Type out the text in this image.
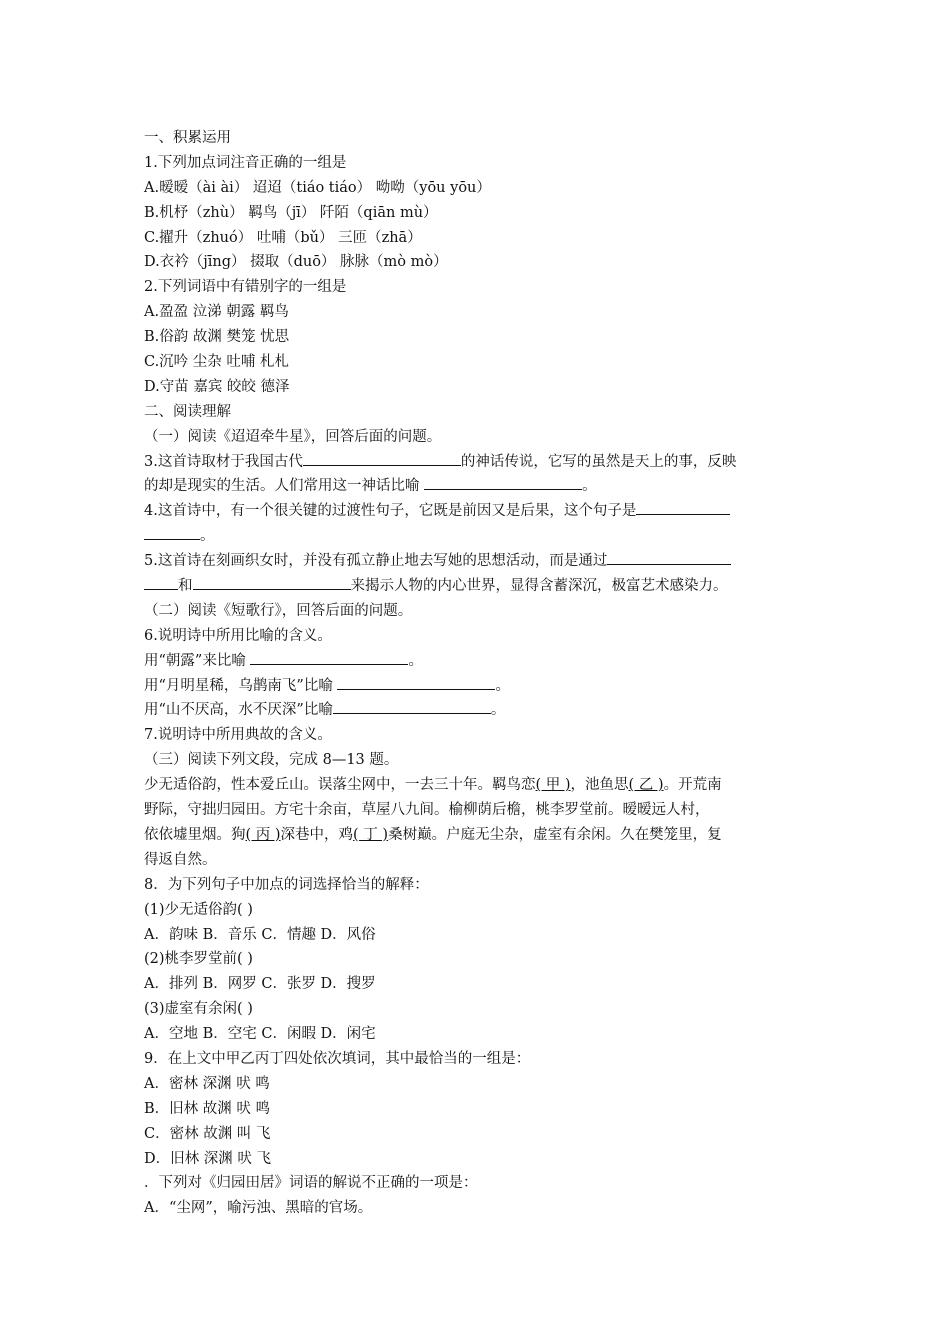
一、积累运用
1.下列加点词注音正确的一组是
A.暧暧（ài ài） 迢迢（tiáo tiáo） 呦呦（yōu yōu）
B.机杼（zhù） 羁鸟（jī） 阡陌（qiān mù）
C.擢升（zhuó） 吐哺（bǔ） 三匝（zhā）
D.衣衿（jīng） 掇取（duō） 脉脉（mò mò）
2.下列词语中有错别字的一组是
A.盈盈 泣涕 朝露 羁鸟
B.俗韵 故渊 樊笼 忧思
C.沉吟 尘杂 吐哺 札札
D.守苗 嘉宾 皎皎 德泽
二、阅读理解
（一）阅读《迢迢牵牛星》，回答后面的问题。
3.这首诗取材于我国古代	的神话传说，它写的虽然是天上的事，反映
的却是现实的生活。人们常用这一神话比喻	。
4.这首诗中，有一个很关键的过渡性句子，它既是前因又是后果，这个句子是
。
5.这首诗在刻画织女时，并没有孤立静止地去写她的思想活动，而是通过
和	来揭示人物的内心世界，显得含蓄深沉，极富艺术感染力。
（二）阅读《短歌行》，回答后面的问题。
6.说明诗中所用比喻的含义。
用“朝露”来比喻	。
用“月明星稀，乌鹊南飞”比喻	。
用“山不厌高，水不厌深”比喻	。
7.说明诗中所用典故的含义。
（三）阅读下列文段，完成 8—13 题。
少无适俗韵，性本爱丘山。误落尘网中，一去三十年。羁鸟恋( 甲 )，池鱼思( 乙 )。开荒南
野际，守拙归园田。方宅十余亩，草屋八九间。榆柳荫后檐，桃李罗堂前。暧暧远人村，
依依墟里烟。狗( 丙 )深巷中，鸡( 丁 )桑树巅。户庭无尘杂，虚室有余闲。久在樊笼里，复
得返自然。
8．为下列句子中加点的词选择恰当的解释：
(1)少无适俗韵( )
A．韵味 B．音乐 C．情趣 D．风俗
(2)桃李罗堂前( )
A．排列 B．网罗 C．张罗 D．搜罗
(3)虚室有余闲( )
A．空地 B．空宅 C．闲暇 D．闲宅
9．在上文中甲乙丙丁四处依次填词，其中最恰当的一组是：
A．密林 深渊 吠 鸣
B．旧林 故渊 吠 鸣
C．密林 故渊 叫 飞
D．旧林 深渊 吠 飞
．下列对《归园田居》词语的解说不正确的一项是：
A．“尘网”，喻污浊、黑暗的官场。
